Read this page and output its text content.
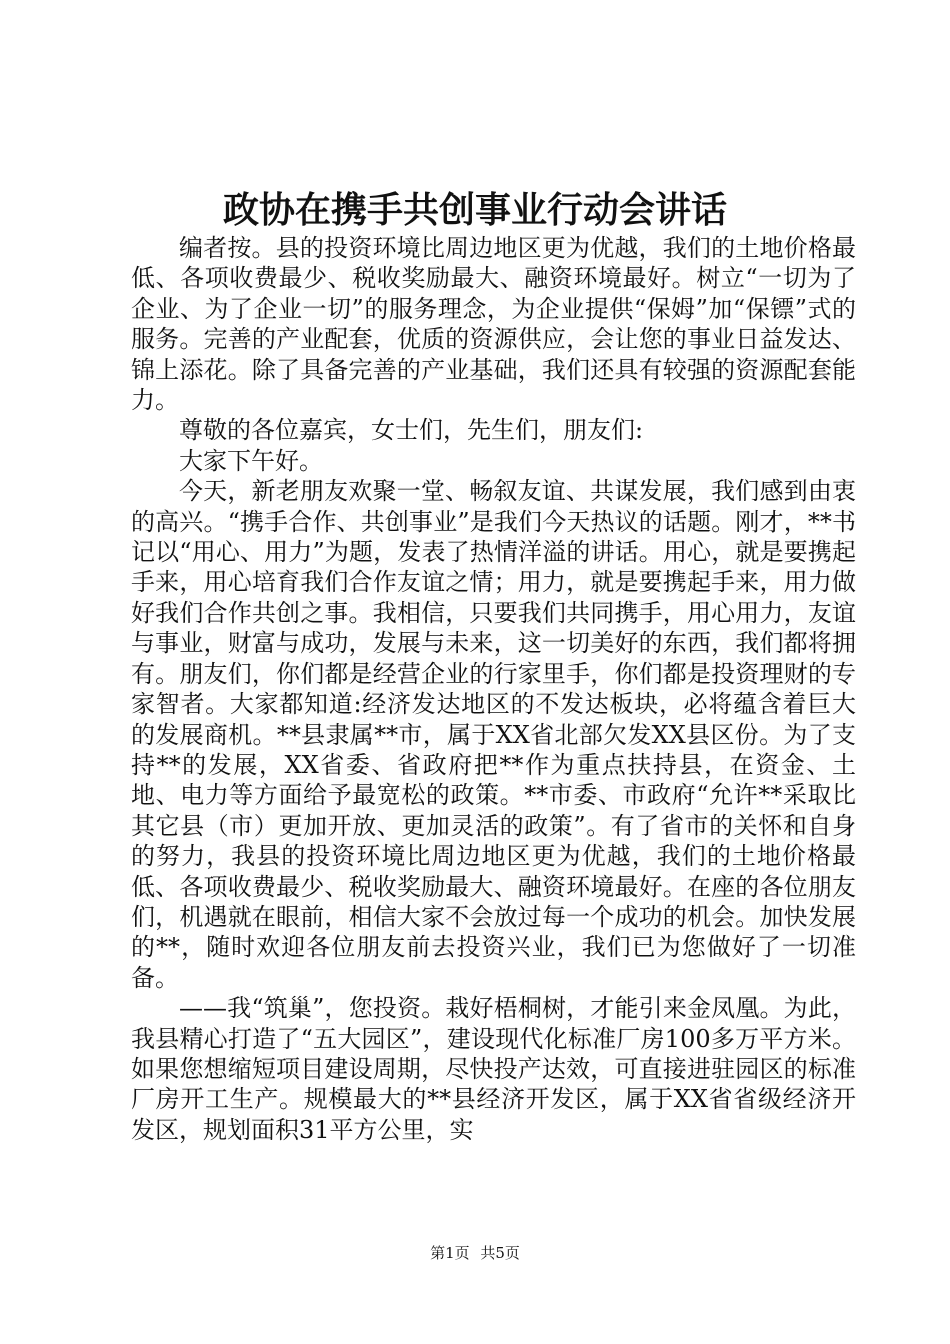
政协在携手共创事业行动会讲话

编者按。县的投资环境比周边地区更为优越，我们的土地价格最低、各项收费最少、税收奖励最大、融资环境最好。树立“一切为了企业、为了企业一切”的服务理念，为企业提供“保姆”加“保镖”式的服务。完善的产业配套，优质的资源供应，会让您的事业日益发达、锦上添花。除了具备完善的产业基础，我们还具有较强的资源配套能力。

尊敬的各位嘉宾，女士们，先生们，朋友们:

大家下午好。

今天，新老朋友欢聚一堂、畅叙友谊、共谋发展，我们感到由衷的高兴。“携手合作、共创事业”是我们今天热议的话题。刚才，**书记以“用心、用力”为题，发表了热情洋溢的讲话。用心，就是要携起手来，用心培育我们合作友谊之情；用力，就是要携起手来，用力做好我们合作共创之事。我相信，只要我们共同携手，用心用力，友谊与事业，财富与成功，发展与未来，这一切美好的东西，我们都将拥有。朋友们，你们都是经营企业的行家里手，你们都是投资理财的专家智者。大家都知道:经济发达地区的不发达板块，必将蕴含着巨大的发展商机。**县隶属**市，属于XX省北部欠发XX县区份。为了支持**的发展，XX省委、省政府把**作为重点扶持县，在资金、土地、电力等方面给予最宽松的政策。**市委、市政府“允许**采取比其它县（市）更加开放、更加灵活的政策”。有了省市的关怀和自身的努力，我县的投资环境比周边地区更为优越，我们的土地价格最低、各项收费最少、税收奖励最大、融资环境最好。在座的各位朋友们，机遇就在眼前，相信大家不会放过每一个成功的机会。加快发展的**，随时欢迎各位朋友前去投资兴业，我们已为您做好了一切准备。

——我“筑巢”，您投资。栽好梧桐树，才能引来金凤凰。为此，我县精心打造了“五大园区”，建设现代化标准厂房100多万平方米。如果您想缩短项目建设周期，尽快投产达效，可直接进驻园区的标准厂房开工生产。规模最大的**县经济开发区，属于XX省省级经济开发区，规划面积31平方公里，实

第1页 共5页
